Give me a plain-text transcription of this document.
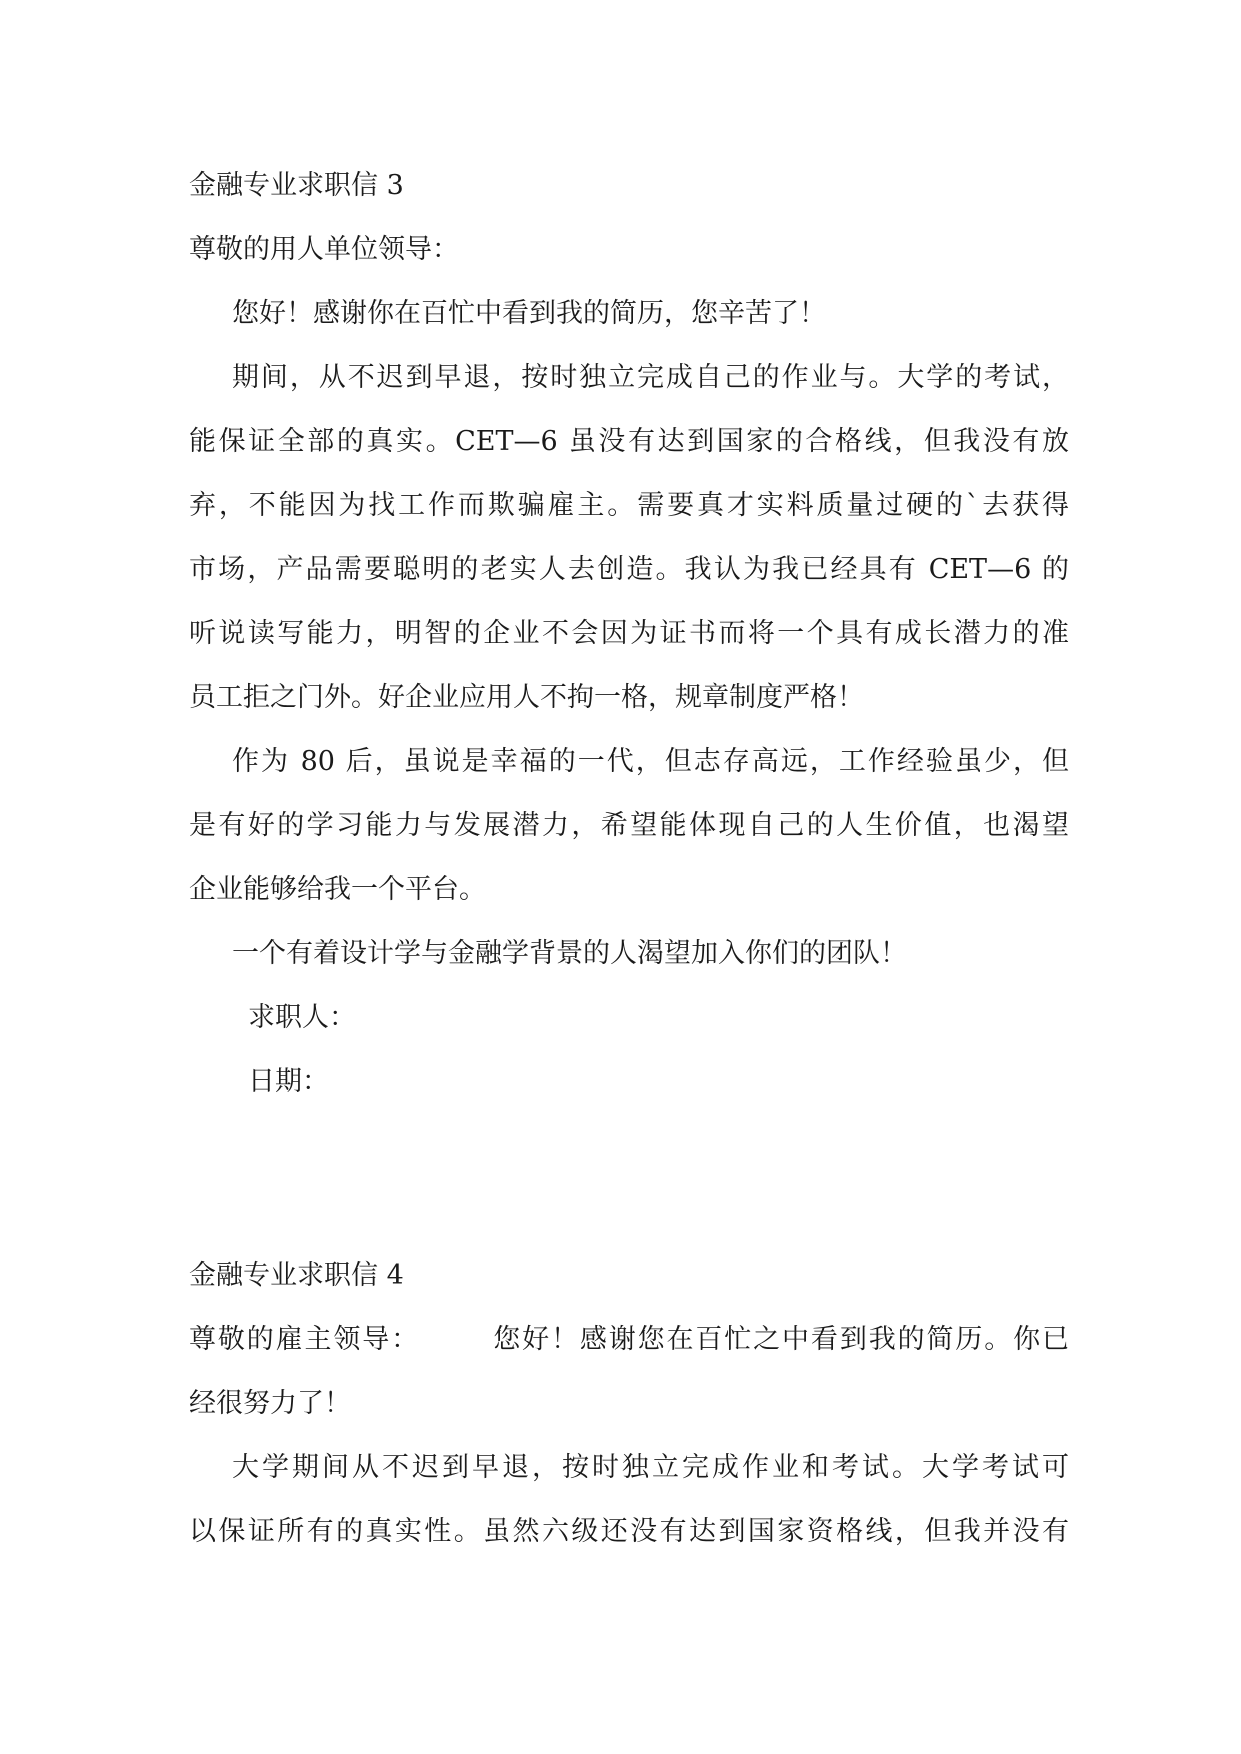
金融专业求职信 3
尊敬的用人单位领导：
您好！感谢你在百忙中看到我的简历，您辛苦了！
期间，从不迟到早退，按时独立完成自己的作业与。大学的考试，
能保证全部的真实。CET—6 虽没有达到国家的合格线，但我没有放
弃，不能因为找工作而欺骗雇主。需要真才实料质量过硬的`去获得
市场，产品需要聪明的老实人去创造。我认为我已经具有 CET—6 的
听说读写能力，明智的企业不会因为证书而将一个具有成长潜力的准
员工拒之门外。好企业应用人不拘一格，规章制度严格！
作为 80 后，虽说是幸福的一代，但志存高远，工作经验虽少，但
是有好的学习能力与发展潜力，希望能体现自己的人生价值，也渴望
企业能够给我一个平台。
一个有着设计学与金融学背景的人渴望加入你们的团队！
求职人：
日期：
金融专业求职信 4
尊敬的雇主领导：　　　您好！感谢您在百忙之中看到我的简历。你已
经很努力了！
大学期间从不迟到早退，按时独立完成作业和考试。大学考试可
以保证所有的真实性。虽然六级还没有达到国家资格线，但我并没有
